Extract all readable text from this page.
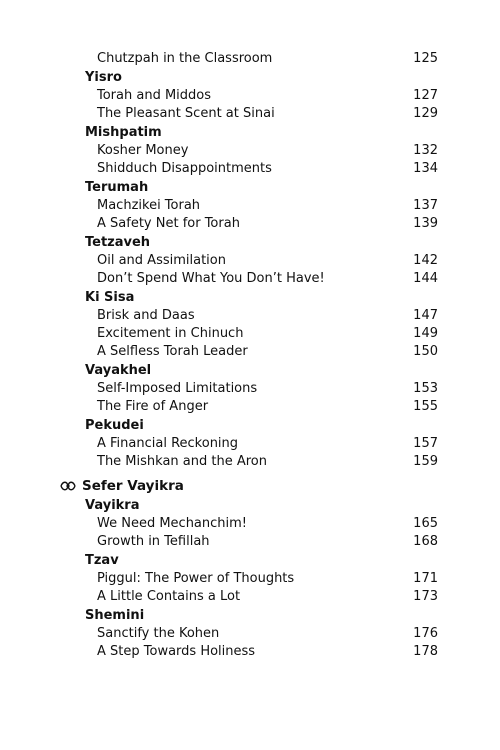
Chutzpah in the Classroom	125
Yisro
Torah and Middos	127
The Pleasant Scent at Sinai	129
Mishpatim
Kosher Money	132
Shidduch Disappointments	134
Terumah
Machzikei Torah	137
A Safety Net for Torah	139
Tetzaveh
Oil and Assimilation	142
Don’t Spend What You Don’t Have!	144
Ki Sisa
Brisk and Daas	147
Excitement in Chinuch	149
A Selfless Torah Leader	150
Vayakhel
Self-Imposed Limitations	153
The Fire of Anger	155
Pekudei
A Financial Reckoning	157
The Mishkan and the Aron	159
Sefer Vayikra
Vayikra
We Need Mechanchim!	165
Growth in Tefillah	168
Tzav
Piggul: The Power of Thoughts	171
A Little Contains a Lot	173
Shemini
Sanctify the Kohen	176
A Step Towards Holiness	178
